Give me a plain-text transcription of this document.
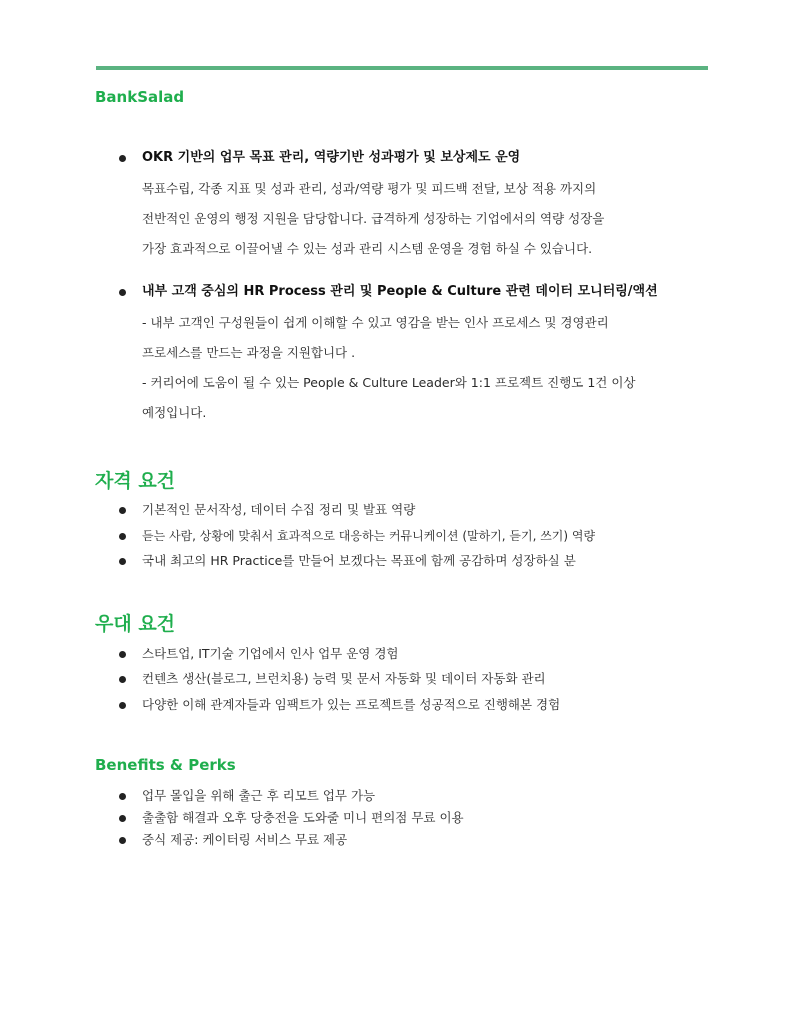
BankSalad
OKR 기반의 업무 목표 관리, 역량기반 성과평가 및 보상제도 운영
목표수립, 각종 지표 및 성과 관리, 성과/역량 평가 및 피드백 전달, 보상 적용 까지의
전반적인 운영의 행정 지원을 담당합니다. 급격하게 성장하는 기업에서의 역량 성장을
가장 효과적으로 이끌어낼 수 있는 성과 관리 시스템 운영을 경험 하실 수 있습니다.
내부 고객 중심의 HR Process 관리 및 People & Culture 관련 데이터 모니터링/액션
- 내부 고객인 구성원들이 쉽게 이해할 수 있고 영감을 받는 인사 프로세스 및 경영관리
프로세스를 만드는 과정을 지원합니다 .
- 커리어에 도움이 될 수 있는 People & Culture Leader와 1:1 프로젝트 진행도 1건 이상
예정입니다.
자격 요건
기본적인 문서작성, 데이터 수집 정리 및 발표 역량
듣는 사람, 상황에 맞춰서 효과적으로 대응하는 커뮤니케이션 (말하기, 듣기, 쓰기) 역량
국내 최고의 HR Practice를 만들어 보겠다는 목표에 함께 공감하며 성장하실 분
우대 요건
스타트업, IT기술 기업에서 인사 업무 운영 경험
컨텐츠 생산(블로그, 브런치용) 능력 및 문서 자동화 및 데이터 자동화 관리
다양한 이해 관계자들과 임팩트가 있는 프로젝트를 성공적으로 진행해본 경험
Benefits & Perks
업무 몰입을 위해 출근 후 리모트 업무 가능
출출함 해결과 오후 당충전을 도와줄 미니 편의점 무료 이용
중식 제공: 케이터링 서비스 무료 제공
